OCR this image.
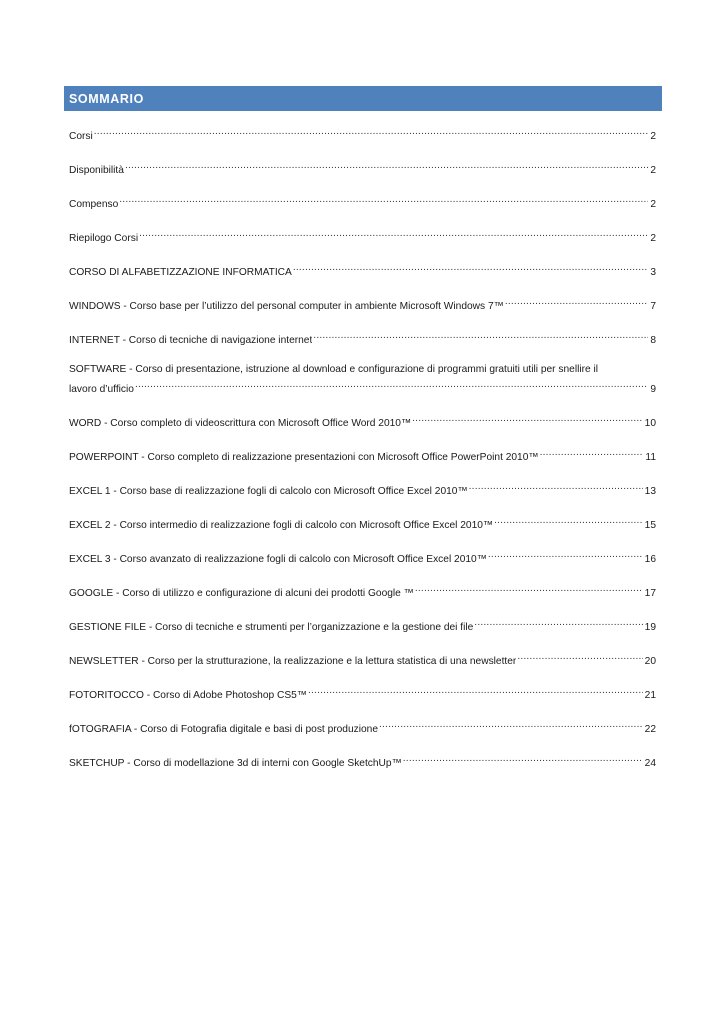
SOMMARIO
Corsi .....	2
Disponibilità .....	2
Compenso .....	2
Riepilogo Corsi .....	2
CORSO DI ALFABETIZZAZIONE INFORMATICA .....	3
WINDOWS - Corso base per l’utilizzo del personal computer in ambiente Microsoft Windows 7™ .....	7
INTERNET - Corso di tecniche di navigazione internet .....	8
SOFTWARE - Corso di presentazione, istruzione al download e configurazione di programmi gratuiti utili per snellire il
lavoro d’ufficio .....	9
WORD - Corso completo di videoscrittura con Microsoft Office Word 2010™ .....	10
POWERPOINT - Corso completo di realizzazione presentazioni con Microsoft Office PowerPoint 2010™ .....	11
EXCEL 1 - Corso base di realizzazione fogli di calcolo con Microsoft Office Excel 2010™ .....	13
EXCEL 2 - Corso intermedio di realizzazione fogli di calcolo con Microsoft Office Excel 2010™ .....	15
EXCEL 3 - Corso avanzato di realizzazione fogli di calcolo con Microsoft Office Excel 2010™ .....	16
GOOGLE - Corso di utilizzo e configurazione di alcuni dei prodotti Google ™ .....	17
GESTIONE FILE - Corso di tecniche e strumenti per l’organizzazione e la gestione dei file .....	19
NEWSLETTER - Corso per la strutturazione, la realizzazione e la lettura statistica di una newsletter .....	20
FOTORITOCCO - Corso di Adobe Photoshop CS5™ .....	21
fOTOGRAFIA - Corso di Fotografia digitale e basi di post produzione .....	22
SKETCHUP - Corso di modellazione 3d di interni con Google SketchUp™ .....	24
